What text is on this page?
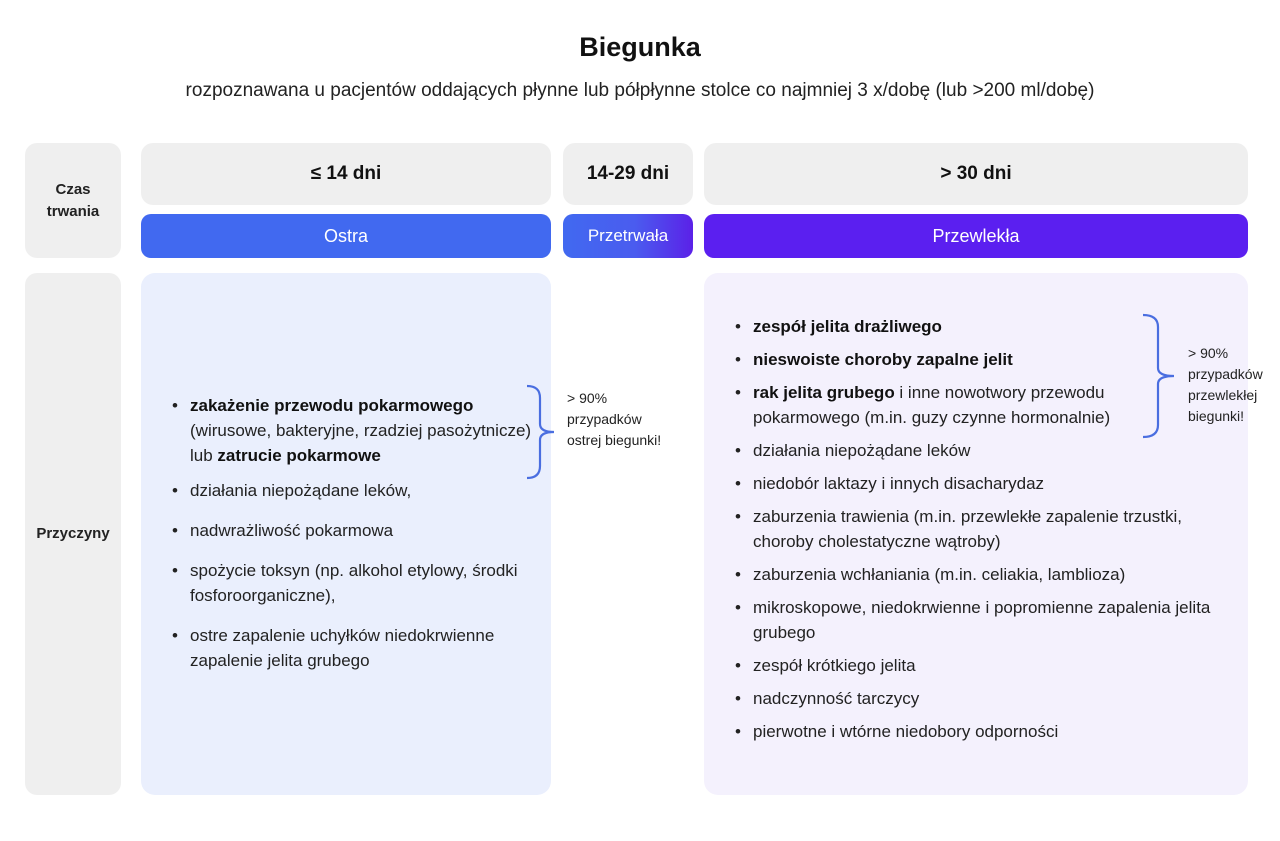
Biegunka
rozpoznawana u pacjentów oddających płynne lub półpłynne stolce co najmniej 3 x/dobę (lub >200 ml/dobę)
Czas trwania
≤ 14 dni	14-29 dni	> 30 dni
Ostra	Przetrwała	Przewlekła
Przyczyny
• zakażenie przewodu pokarmowego (wirusowe, bakteryjne, rzadziej pasożytnicze) lub zatrucie pokarmowe
• działania niepożądane leków,
• nadwrażliwość pokarmowa
• spożycie toksyn (np. alkohol etylowy, środki fosforoorganiczne),
• ostre zapalenie uchyłków niedokrwienne zapalenie jelita grubego
> 90% przypadków ostrej biegunki!
• zespół jelita drażliwego
• nieswoiste choroby zapalne jelit
• rak jelita grubego i inne nowotwory przewodu pokarmowego (m.in. guzy czynne hormonalnie)
• działania niepożądane leków
• niedobór laktazy i innych disacharydaz
• zaburzenia trawienia (m.in. przewlekłe zapalenie trzustki, choroby cholestatyczne wątroby)
• zaburzenia wchłaniania (m.in. celiakia, lamblioza)
• mikroskopowe, niedokrwienne i popromienne zapalenia jelita grubego
• zespół krótkiego jelita
• nadczynność tarczycy
• pierwotne i wtórne niedobory odporności
> 90% przypadków przewlekłej biegunki!
